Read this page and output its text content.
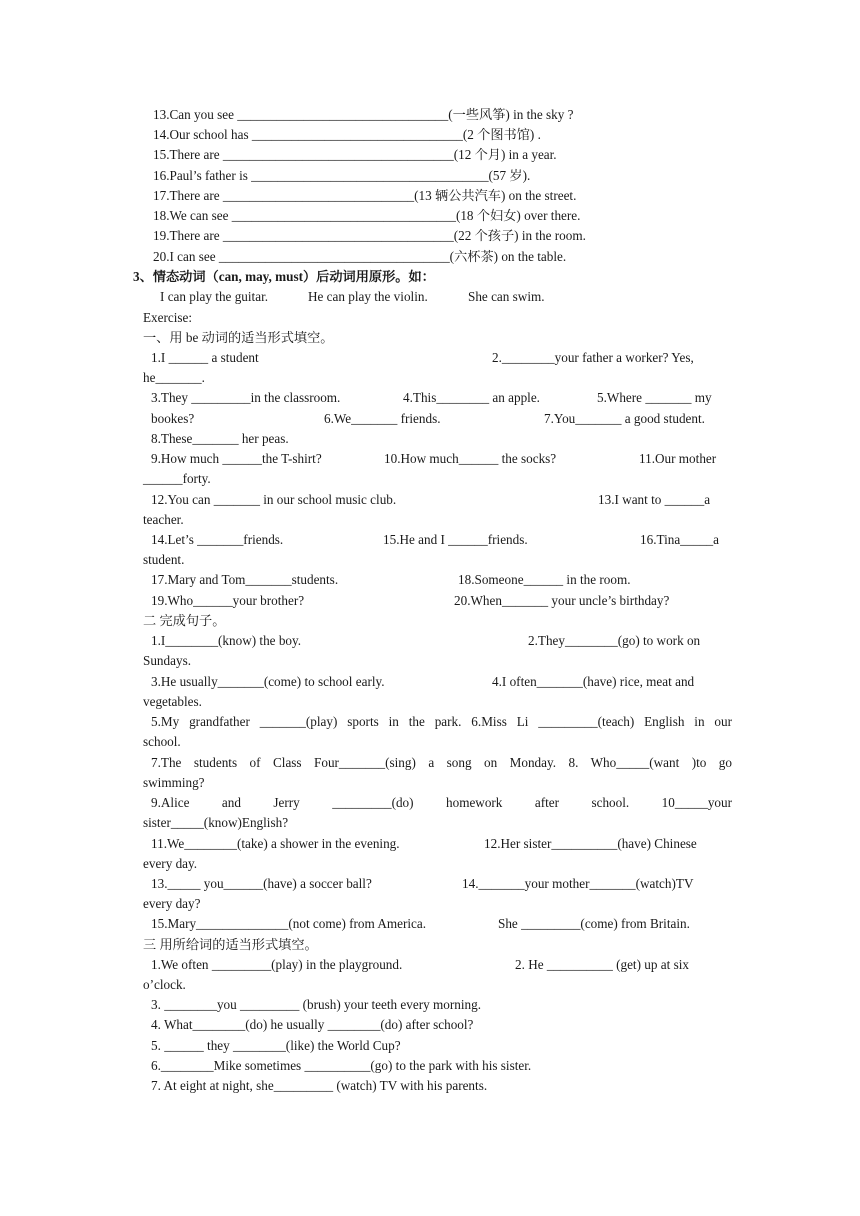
13.Can you see ________________________________(一些风筝) in the sky ?
14.Our school has ________________________________(2 个图书馆) .
15.There are ___________________________________(12 个月) in a year.
16.Paul’s father is ____________________________________(57 岁).
17.There are _____________________________(13 辆公共汽车) on the street.
18.We can see __________________________________(18 个妇女) over there.
19.There are ___________________________________(22 个孩子) in the room.
20.I can see ___________________________________(六杯茶) on the table.
3、情态动词（can, may, must）后动词用原形。如：
I can play the guitar.	He can play the violin.	She can swim.
Exercise:
一、用 be 动词的适当形式填空。
1.I ______ a student	2.________your father a worker? Yes,
he_______.
3.They _________in the classroom.	4.This________ an apple.	5.Where _______ my
bookes?	6.We_______ friends.	7.You_______ a good student.
8.These_______ her peas.
9.How much ______the T-shirt?	10.How much______ the socks?	11.Our mother
______forty.
12.You can _______ in our school music club.	13.I want to ______a
teacher.
14.Let’s _______friends.	15.He and I ______friends.	16.Tina_____a
student.
17.Mary and Tom_______students.	18.Someone______ in the room.
19.Who______your brother?	20.When_______ your uncle’s birthday?
二 完成句子。
1.I________(know) the boy.	2.They________(go) to work on
Sundays.
3.He usually_______(come) to school early.	4.I often_______(have) rice, meat and
vegetables.
5.My grandfather _______(play) sports in the park. 6.Miss Li _________(teach) English in our
school.
7.The students of Class Four_______(sing) a song on Monday. 8. Who_____(want )to go
swimming?
9.Alice and Jerry _________(do) homework after school. 10_____your
sister_____(know)English?
11.We________(take) a shower in the evening.	12.Her sister__________(have) Chinese
every day.
13._____ you______(have) a soccer ball?	14._______your mother_______(watch)TV
every day?
15.Mary______________(not come) from America.	She _________(come) from Britain.
三 用所给词的适当形式填空。
1.We often _________(play) in the playground.	2. He __________ (get) up at six
o’clock.
3. ________you _________ (brush) your teeth every morning.
4. What________(do) he usually ________(do) after school?
5. ______ they ________(like) the World Cup?
6.________Mike sometimes __________(go) to the park with his sister.
7. At eight at night, she_________ (watch) TV with his parents.
